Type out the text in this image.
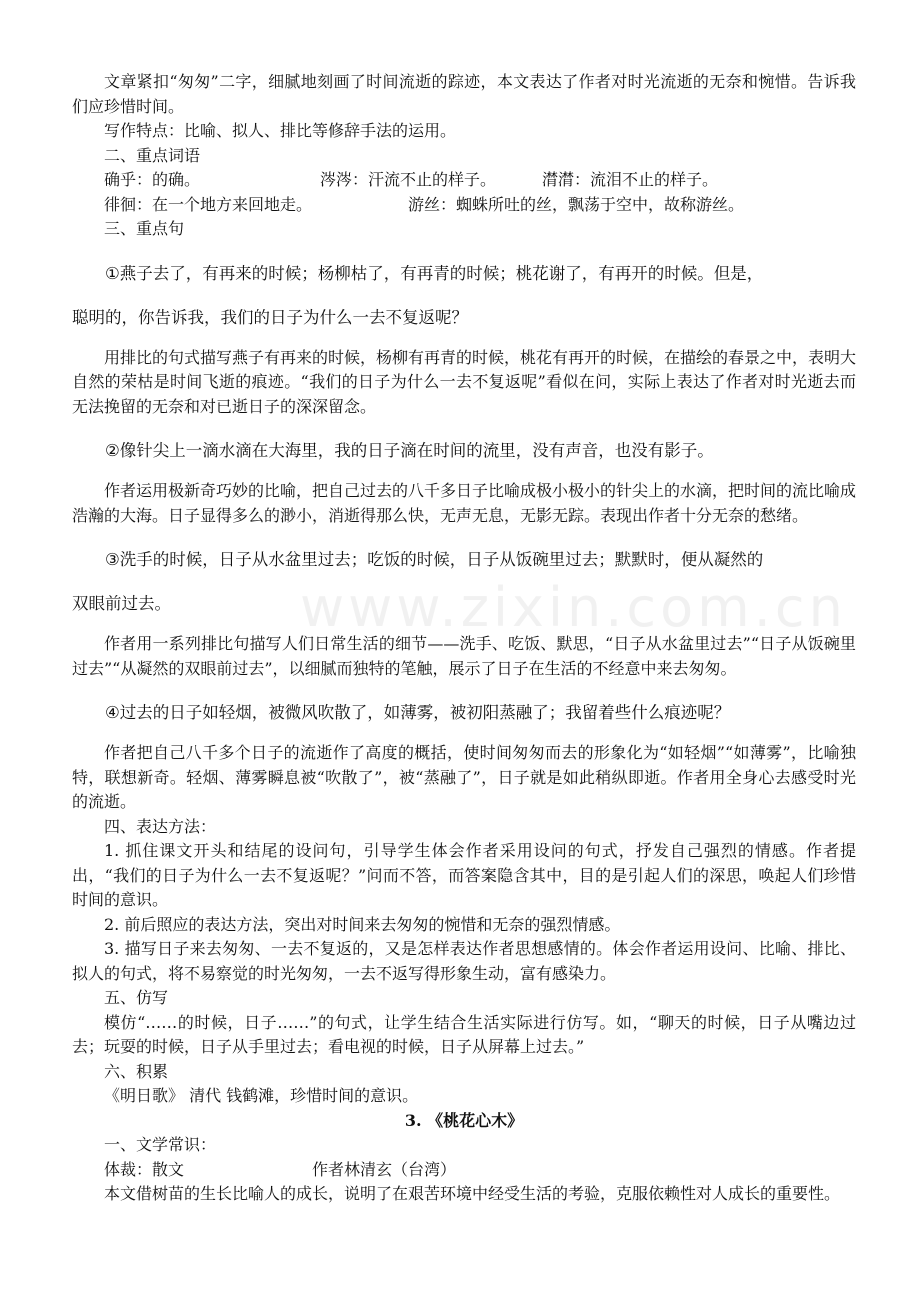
www.zixin.com.cn

文章紧扣“匆匆”二字，细腻地刻画了时间流逝的踪迹，本文表达了作者对时光流逝的无奈和惋惜。告诉我们应珍惜时间。

写作特点：比喻、拟人、排比等修辞手法的运用。

二、重点词语

确乎：的确。	涔涔：汗流不止的样子。	潸潸：流泪不止的样子。
徘徊：在一个地方来回地走。	游丝：蜘蛛所吐的丝，飘荡于空中，故称游丝。

三、重点句

①燕子去了，有再来的时候；杨柳枯了，有再青的时候；桃花谢了，有再开的时候。但是，

聪明的，你告诉我，我们的日子为什么一去不复返呢？

用排比的句式描写燕子有再来的时候，杨柳有再青的时候，桃花有再开的时候，在描绘的春景之中，表明大自然的荣枯是时间飞逝的痕迹。“我们的日子为什么一去不复返呢”看似在问，实际上表达了作者对时光逝去而无法挽留的无奈和对已逝日子的深深留念。

②像针尖上一滴水滴在大海里，我的日子滴在时间的流里，没有声音，也没有影子。

作者运用极新奇巧妙的比喻，把自己过去的八千多日子比喻成极小极小的针尖上的水滴，把时间的流比喻成浩瀚的大海。日子显得多么的渺小，消逝得那么快，无声无息，无影无踪。表现出作者十分无奈的愁绪。

③洗手的时候，日子从水盆里过去；吃饭的时候，日子从饭碗里过去；默默时，便从凝然的

双眼前过去。

作者用一系列排比句描写人们日常生活的细节——洗手、吃饭、默思，“日子从水盆里过去”“日子从饭碗里过去”“从凝然的双眼前过去”，以细腻而独特的笔触，展示了日子在生活的不经意中来去匆匆。

④过去的日子如轻烟，被微风吹散了，如薄雾，被初阳蒸融了；我留着些什么痕迹呢？

作者把自己八千多个日子的流逝作了高度的概括，使时间匆匆而去的形象化为“如轻烟”“如薄雾”，比喻独特，联想新奇。轻烟、薄雾瞬息被“吹散了”，被“蒸融了”，日子就是如此稍纵即逝。作者用全身心去感受时光的流逝。

四、表达方法：

1. 抓住课文开头和结尾的设问句，引导学生体会作者采用设问的句式，抒发自己强烈的情感。作者提出，“我们的日子为什么一去不复返呢？”问而不答，而答案隐含其中，目的是引起人们的深思，唤起人们珍惜时间的意识。

2. 前后照应的表达方法，突出对时间来去匆匆的惋惜和无奈的强烈情感。

3. 描写日子来去匆匆、一去不复返的，又是怎样表达作者思想感情的。体会作者运用设问、比喻、排比、拟人的句式，将不易察觉的时光匆匆，一去不返写得形象生动，富有感染力。

五、仿写

模仿“……的时候，日子……”的句式，让学生结合生活实际进行仿写。如，“聊天的时候，日子从嘴边过去；玩耍的时候，日子从手里过去；看电视的时候，日子从屏幕上过去。”

六、积累

《明日歌》 清代 钱鹤滩，珍惜时间的意识。

3. 《桃花心木》

一、文学常识：

体裁：散文	作者林清玄（台湾）

本文借树苗的生长比喻人的成长，说明了在艰苦环境中经受生活的考验，克服依赖性对人成长的重要性。
